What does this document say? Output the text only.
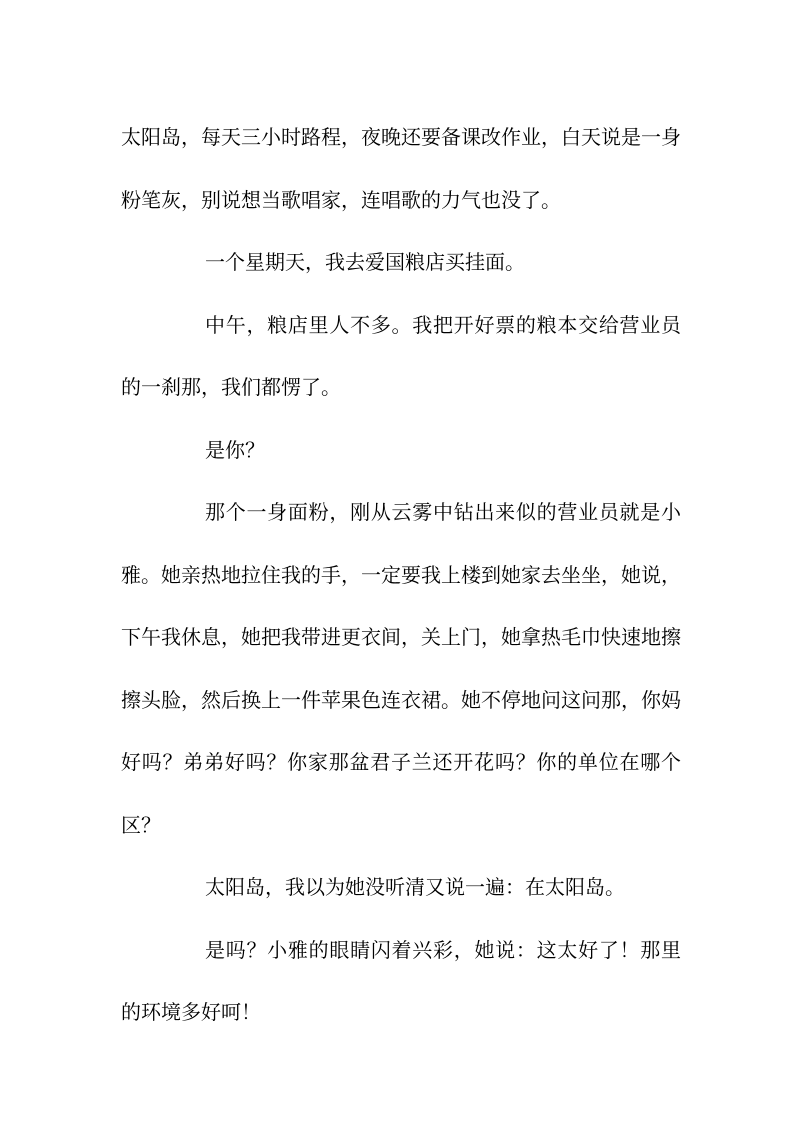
太阳岛，每天三小时路程，夜晚还要备课改作业，白天说是一身粉笔灰，别说想当歌唱家，连唱歌的力气也没了。

一个星期天，我去爱国粮店买挂面。

中午，粮店里人不多。我把开好票的粮本交给营业员的一刹那，我们都愣了。

是你？

那个一身面粉，刚从云雾中钻出来似的营业员就是小雅。她亲热地拉住我的手，一定要我上楼到她家去坐坐，她说，下午我休息，她把我带进更衣间，关上门，她拿热毛巾快速地擦擦头脸，然后换上一件苹果色连衣裙。她不停地问这问那，你妈好吗？弟弟好吗？你家那盆君子兰还开花吗？你的单位在哪个区？

太阳岛，我以为她没听清又说一遍：在太阳岛。

是吗？小雅的眼睛闪着兴彩，她说：这太好了！那里的环境多好呵！
